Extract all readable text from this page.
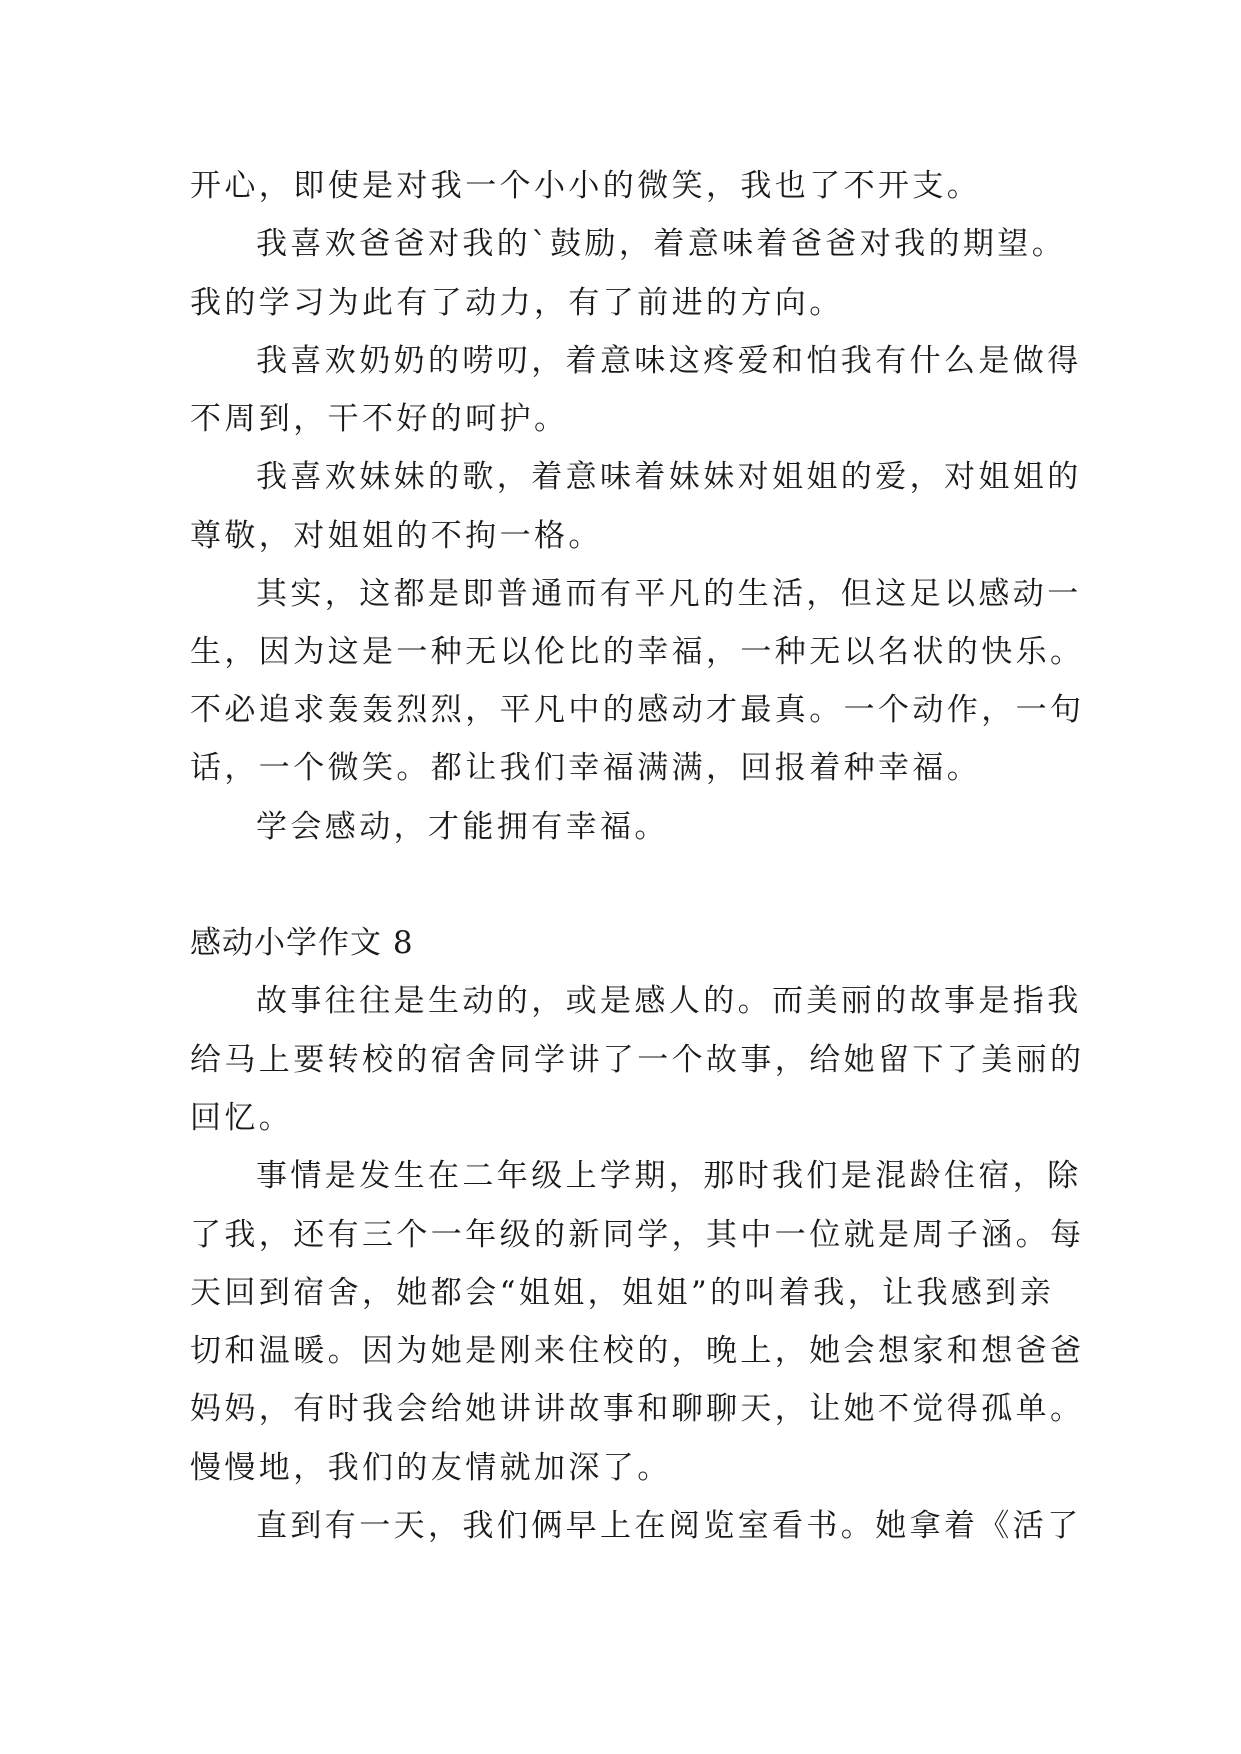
开心，即使是对我一个小小的微笑，我也了不开支。
我喜欢爸爸对我的`鼓励，着意味着爸爸对我的期望。
我的学习为此有了动力，有了前进的方向。
我喜欢奶奶的唠叨，着意味这疼爱和怕我有什么是做得
不周到，干不好的呵护。
我喜欢妹妹的歌，着意味着妹妹对姐姐的爱，对姐姐的
尊敬，对姐姐的不拘一格。
其实，这都是即普通而有平凡的生活，但这足以感动一
生，因为这是一种无以伦比的幸福，一种无以名状的快乐。
不必追求轰轰烈烈，平凡中的感动才最真。一个动作，一句
话，一个微笑。都让我们幸福满满，回报着种幸福。
学会感动，才能拥有幸福。
感动小学作文 8
故事往往是生动的，或是感人的。而美丽的故事是指我
给马上要转校的宿舍同学讲了一个故事，给她留下了美丽的
回忆。
事情是发生在二年级上学期，那时我们是混龄住宿，除
了我，还有三个一年级的新同学，其中一位就是周子涵。每
天回到宿舍，她都会“姐姐，姐姐”的叫着我，让我感到亲
切和温暖。因为她是刚来住校的，晚上，她会想家和想爸爸
妈妈，有时我会给她讲讲故事和聊聊天，让她不觉得孤单。
慢慢地，我们的友情就加深了。
直到有一天，我们俩早上在阅览室看书。她拿着《活了
